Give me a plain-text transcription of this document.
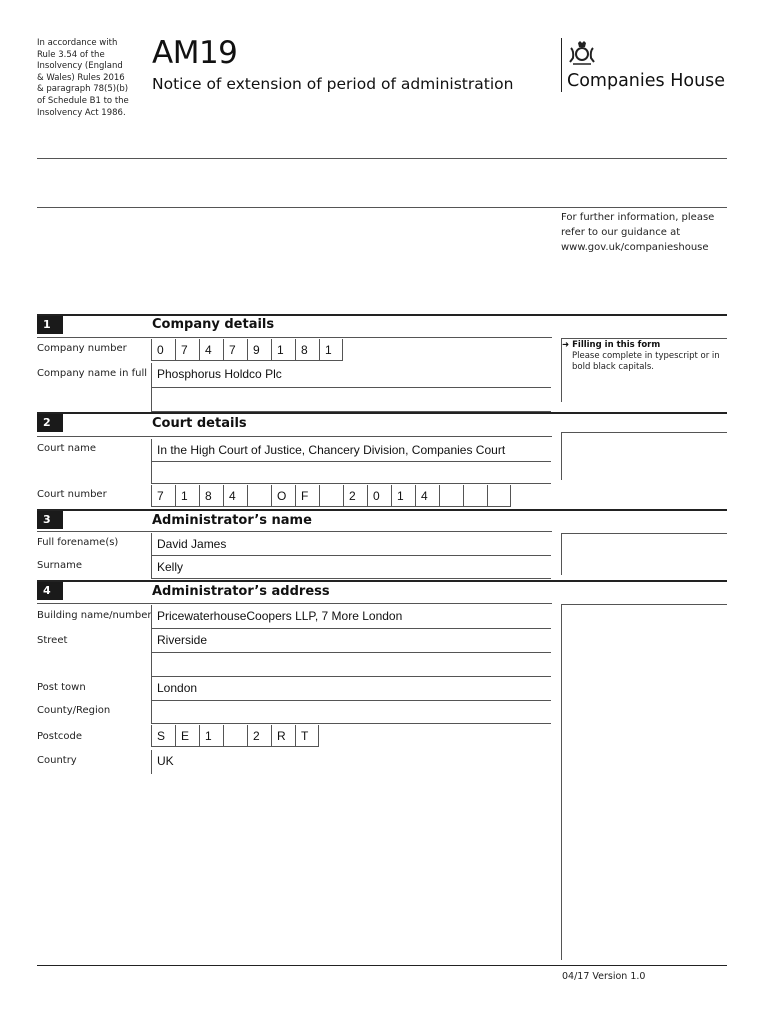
In accordance with
Rule 3.54 of the
Insolvency (England
& Wales) Rules 2016
& paragraph 78(5)(b)
of Schedule B1 to the
Insolvency Act 1986.
AM19
Notice of extension of period of administration	Companies House
For further information, please
refer to our guidance at
www.gov.uk/companieshouse
➜ Filling in this form
Please complete in typescript or in
bold black capitals.
1	Company details
Company number	0	7	4	7	9	1	8	1
Company name in full Phosphorus Holdco Plc
2	Court details
Court name	In the High Court of Justice, Chancery Division, Companies Court
Court number	7	1	8	4	O	F	2	0	1	4
3	Administrator’s name
Full forename(s)	David James
Surname	Kelly
4	Administrator’s address
Building name/number PricewaterhouseCoopers LLP, 7 More London
Street	Riverside
Post town	London
County/Region
Postcode	S	E	1	2	R	T
Country	UK
04/17 Version 1.0
